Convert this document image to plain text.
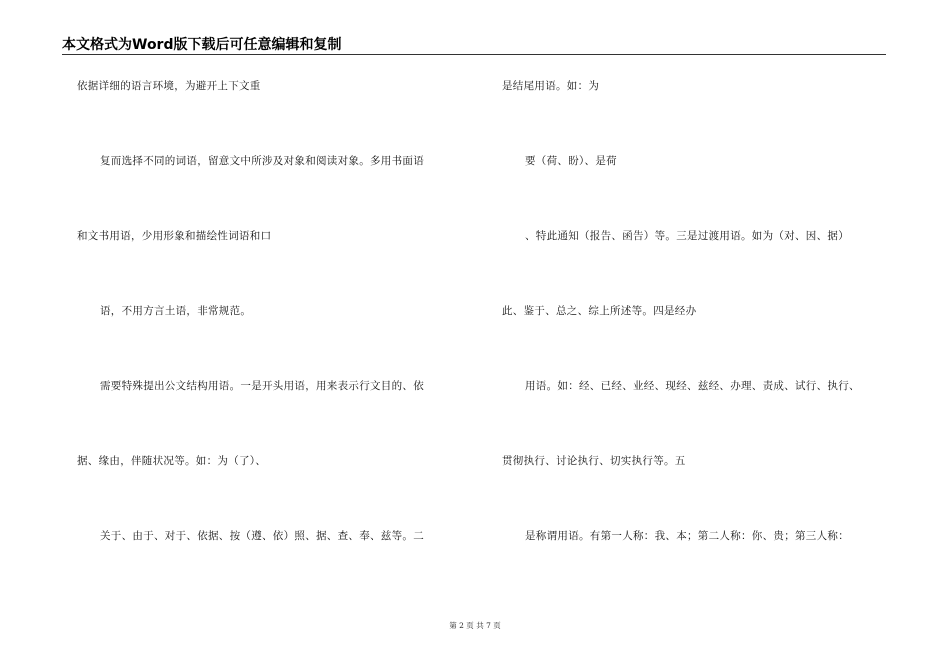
本文格式为Word版下载后可任意编辑和复制
依据详细的语言环境，为避开上下文重
复而选择不同的词语，留意文中所涉及对象和阅读对象。多用书面语
和文书用语，少用形象和描绘性词语和口
语，不用方言土语，非常规范。
需要特殊提出公文结构用语。一是开头用语，用来表示行文目的、依
据、缘由，伴随状况等。如：为（了）、
关于、由于、对于、依据、按（遵、依）照、据、查、奉、兹等。二
是结尾用语。如：为
要（荷、盼）、是荷
、特此通知（报告、函告）等。三是过渡用语。如为（对、因、据）
此、鉴于、总之、综上所述等。四是经办
用语。如：经、已经、业经、现经、兹经、办理、责成、试行、执行、
贯彻执行、讨论执行、切实执行等。五
是称谓用语。有第一人称：我、本；第二人称：你、贵；第三人称：
第 2 页 共 7 页
